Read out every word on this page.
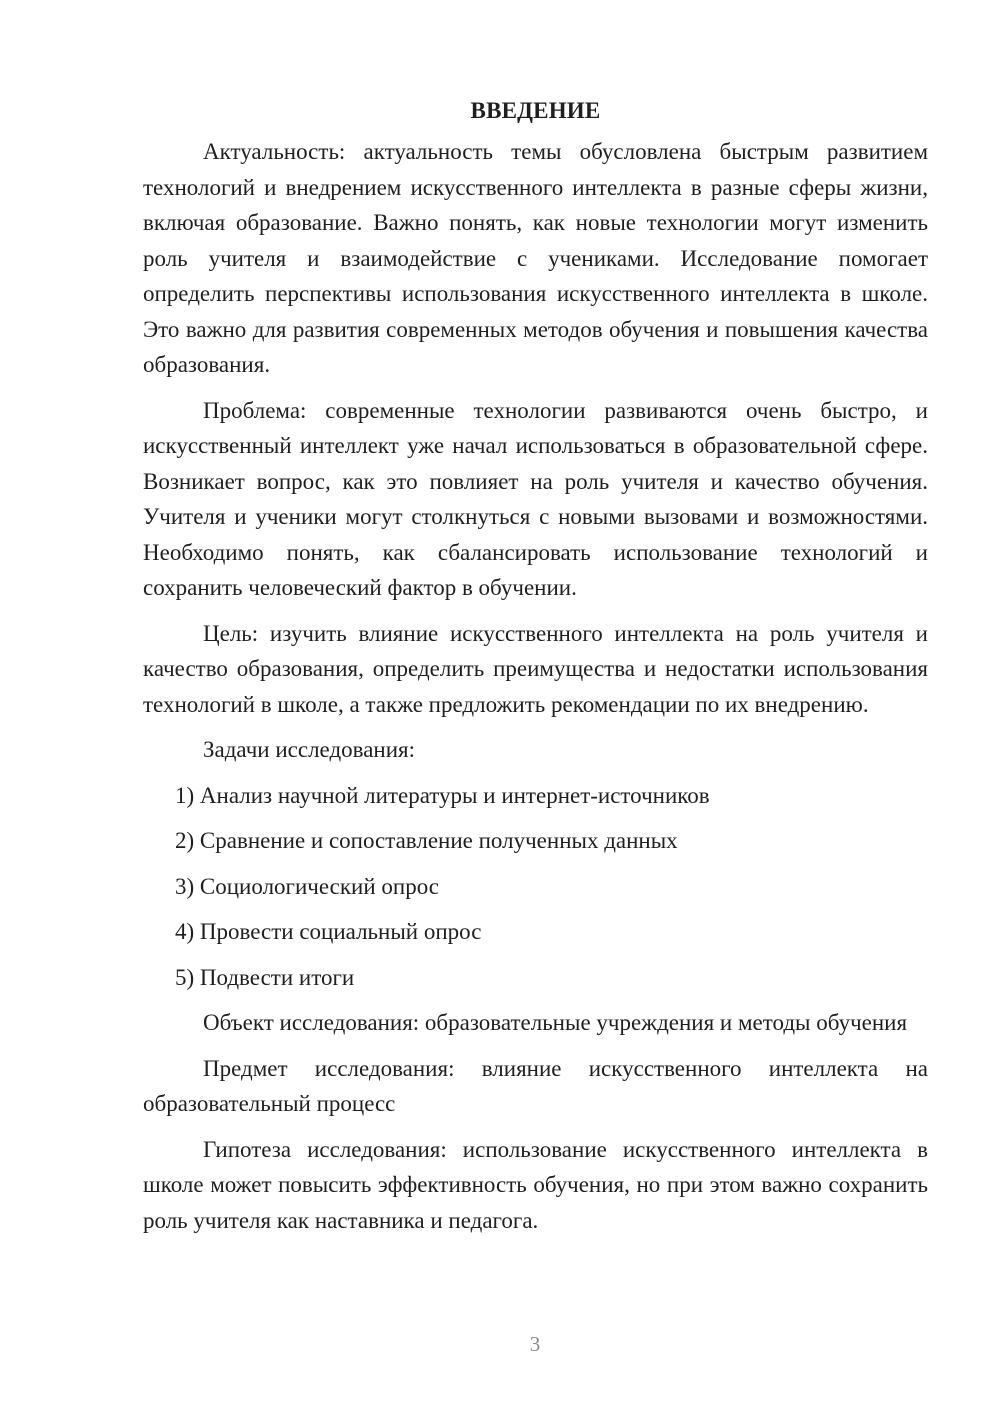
ВВЕДЕНИЕ

Актуальность: актуальность темы обусловлена быстрым развитием технологий и внедрением искусственного интеллекта в разные сферы жизни, включая образование. Важно понять, как новые технологии могут изменить роль учителя и взаимодействие с учениками. Исследование помогает определить перспективы использования искусственного интеллекта в школе. Это важно для развития современных методов обучения и повышения качества образования.

Проблема: современные технологии развиваются очень быстро, и искусственный интеллект уже начал использоваться в образовательной сфере. Возникает вопрос, как это повлияет на роль учителя и качество обучения. Учителя и ученики могут столкнуться с новыми вызовами и возможностями. Необходимо понять, как сбалансировать использование технологий и сохранить человеческий фактор в обучении.

Цель: изучить влияние искусственного интеллекта на роль учителя и качество образования, определить преимущества и недостатки использования технологий в школе, а также предложить рекомендации по их внедрению.

Задачи исследования:

1) Анализ научной литературы и интернет-источников

2) Сравнение и сопоставление полученных данных

3) Социологический опрос

4) Провести социальный опрос

5) Подвести итоги

Объект исследования: образовательные учреждения и методы обучения

Предмет исследования: влияние искусственного интеллекта на образовательный процесс

Гипотеза исследования: использование искусственного интеллекта в школе может повысить эффективность обучения, но при этом важно сохранить роль учителя как наставника и педагога.

3
